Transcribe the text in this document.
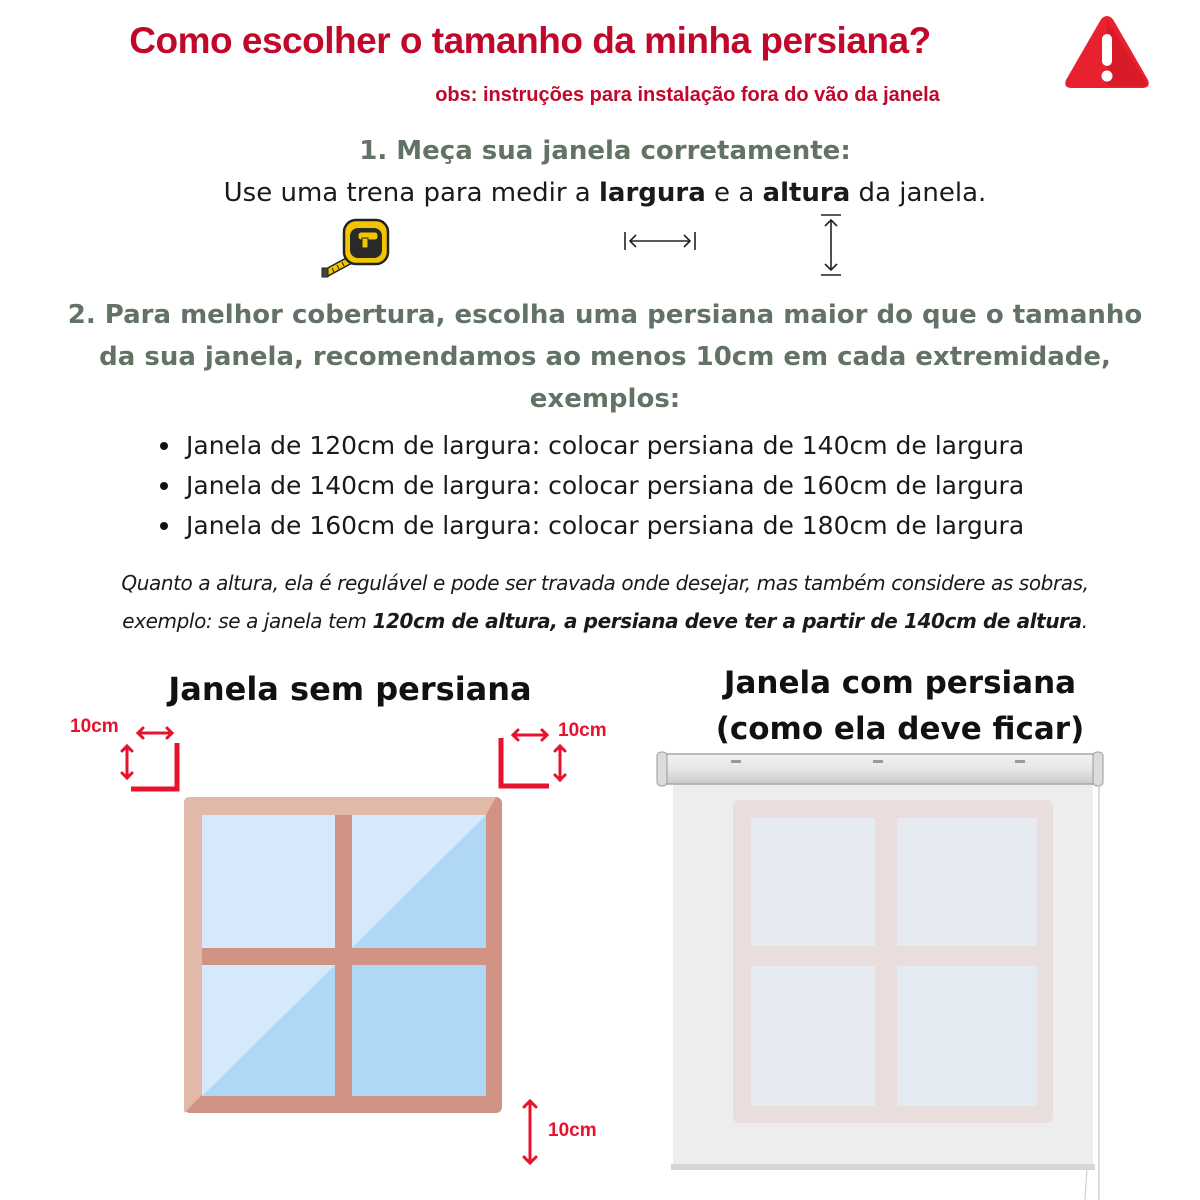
Como escolher o tamanho da minha persiana?
obs: instruções para instalação fora do vão da janela
1. Meça sua janela corretamente:
Use uma trena para medir a largura e a altura da janela.
2. Para melhor cobertura, escolha uma persiana maior do que o tamanho da sua janela, recomendamos ao menos 10cm em cada extremidade, exemplos:
Janela de 120cm de largura: colocar persiana de 140cm de largura
Janela de 140cm de largura: colocar persiana de 160cm de largura
Janela de 160cm de largura: colocar persiana de 180cm de largura
Quanto a altura, ela é regulável e pode ser travada onde desejar, mas também considere as sobras,
exemplo: se a janela tem 120cm de altura, a persiana deve ter a partir de 140cm de altura.
Janela sem persiana
10cm	10cm
10cm
Janela com persiana
(como ela deve ficar)
